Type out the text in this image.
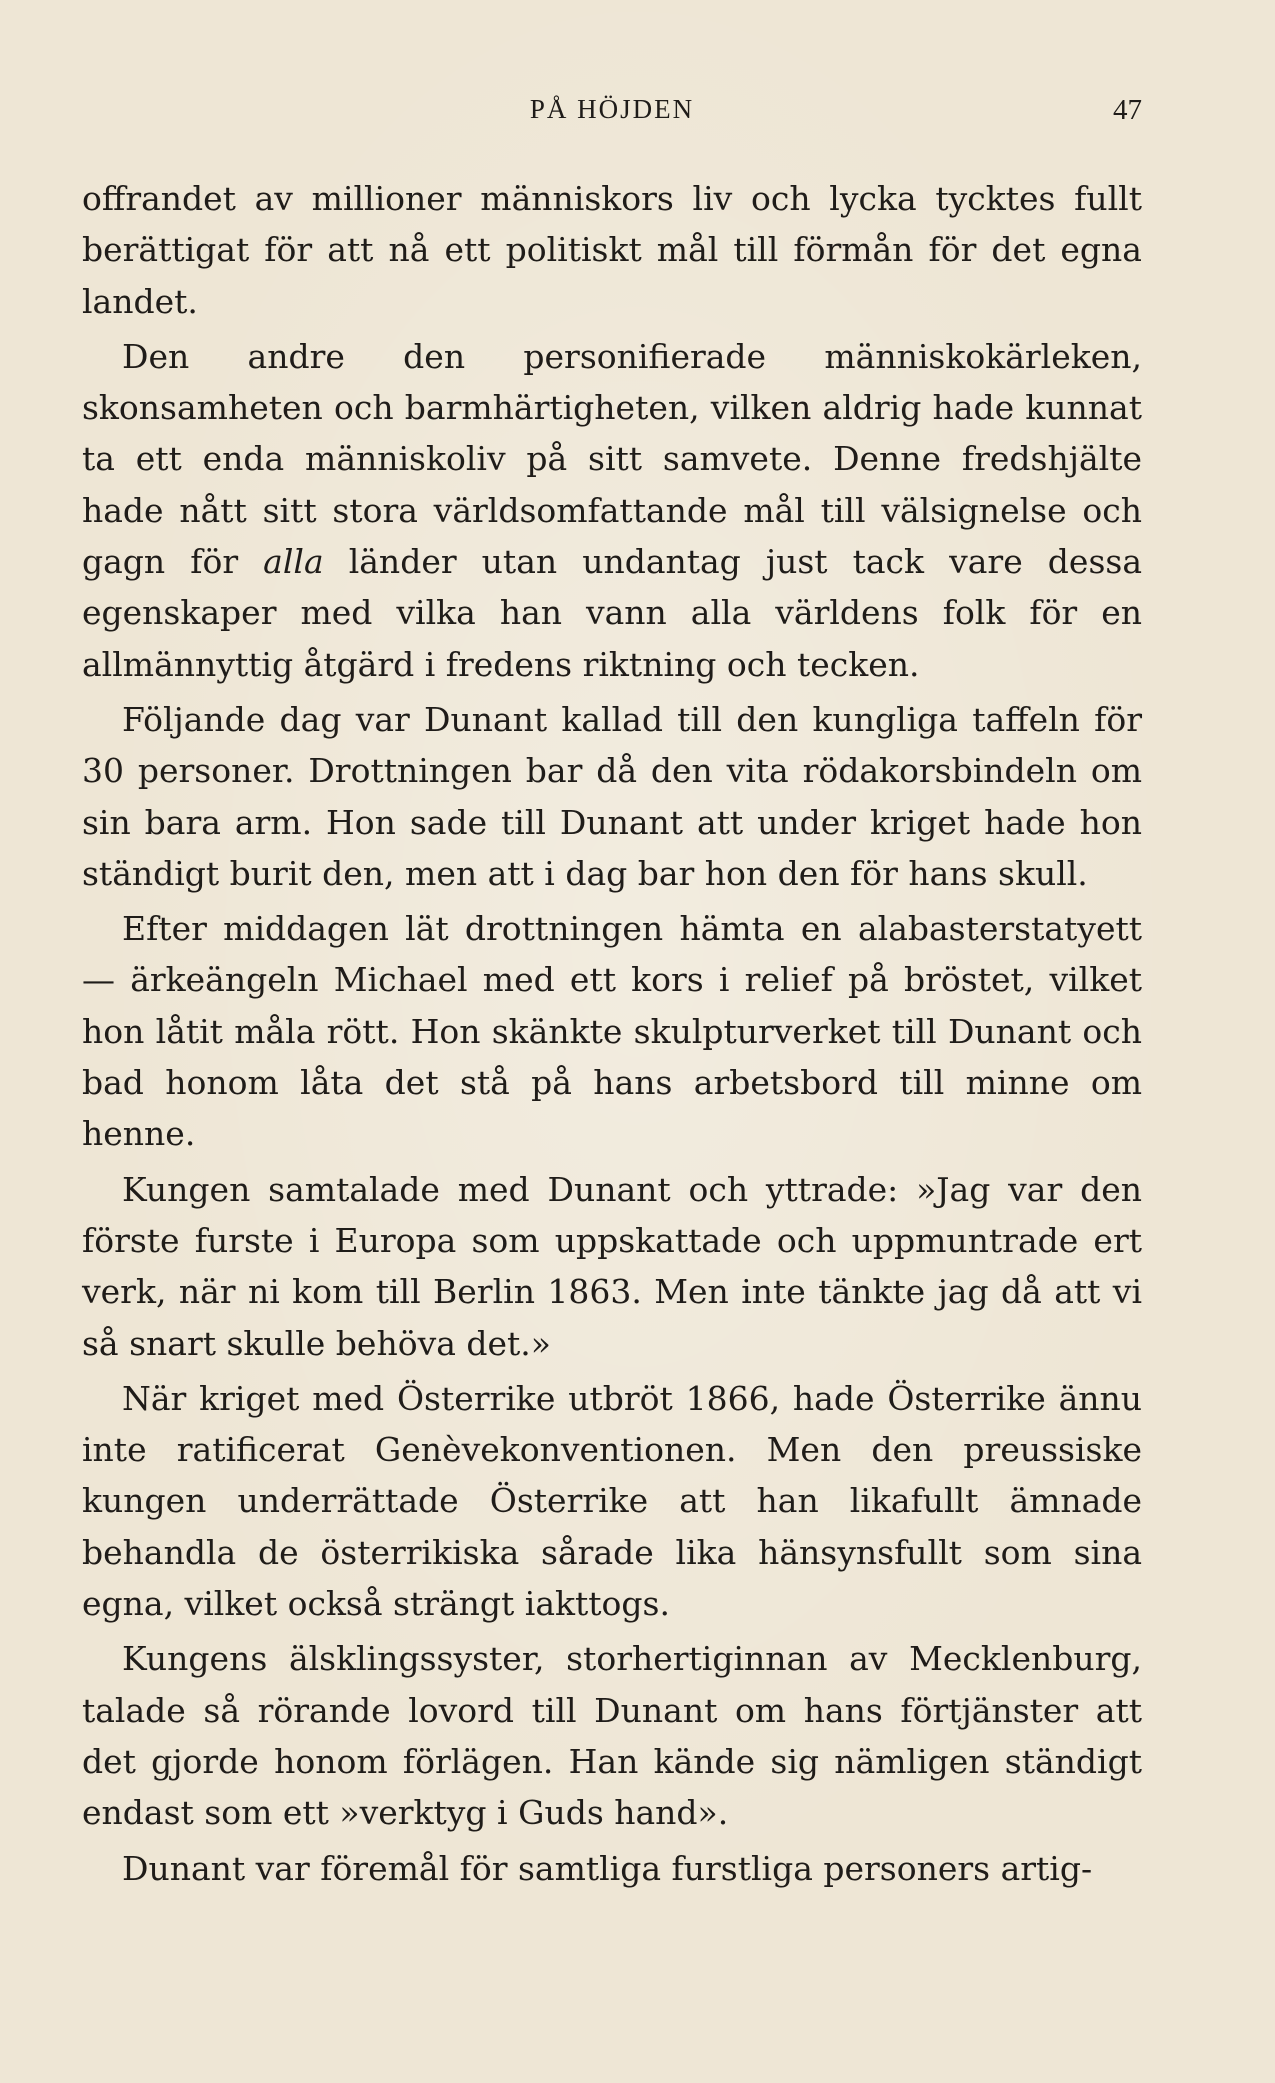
PÅ HÖJDEN	47

offrandet av millioner människors liv och lycka tycktes fullt berättigat för att nå ett politiskt mål till förmån för det egna landet.

Den andre den personifierade människokärleken, skonsamheten och barmhärtigheten, vilken aldrig hade kunnat ta ett enda människoliv på sitt samvete. Denne fredshjälte hade nått sitt stora världsomfattande mål till välsignelse och gagn för alla länder utan undantag just tack vare dessa egenskaper med vilka han vann alla världens folk för en allmännyttig åtgärd i fredens riktning och tecken.

Följande dag var Dunant kallad till den kungliga taffeln för 30 personer. Drottningen bar då den vita rödakorsbindeln om sin bara arm. Hon sade till Dunant att under kriget hade hon ständigt burit den, men att i dag bar hon den för hans skull.

Efter middagen lät drottningen hämta en alabasterstatyett — ärkeängeln Michael med ett kors i relief på bröstet, vilket hon låtit måla rött. Hon skänkte skulpturverket till Dunant och bad honom låta det stå på hans arbetsbord till minne om henne.

Kungen samtalade med Dunant och yttrade: »Jag var den förste furste i Europa som uppskattade och uppmuntrade ert verk, när ni kom till Berlin 1863. Men inte tänkte jag då att vi så snart skulle behöva det.»

När kriget med Österrike utbröt 1866, hade Österrike ännu inte ratificerat Genèvekonventionen. Men den preussiske kungen underrättade Österrike att han likafullt ämnade behandla de österrikiska sårade lika hänsynsfullt som sina egna, vilket också strängt iakttogs.

Kungens älsklingssyster, storhertiginnan av Mecklenburg, talade så rörande lovord till Dunant om hans förtjänster att det gjorde honom förlägen. Han kände sig nämligen ständigt endast som ett »verktyg i Guds hand».

Dunant var föremål för samtliga furstliga personers artig-
